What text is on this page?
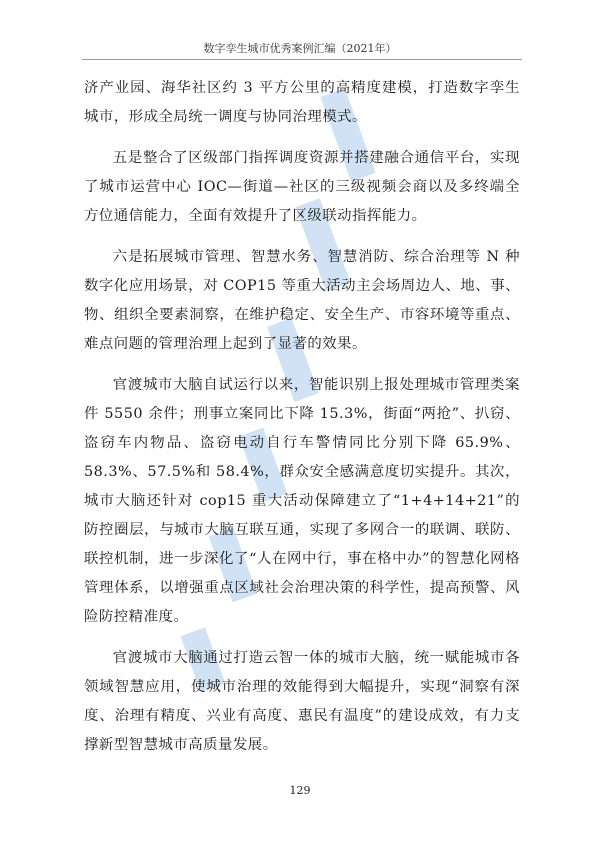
数字孪生城市优秀案例汇编（2021年）

济产业园、海华社区约 3 平方公里的高精度建模，打造数字孪生城市，形成全局统一调度与协同治理模式。

五是整合了区级部门指挥调度资源并搭建融合通信平台，实现了城市运营中心 IOC—街道—社区的三级视频会商以及多终端全方位通信能力，全面有效提升了区级联动指挥能力。

六是拓展城市管理、智慧水务、智慧消防、综合治理等 N 种数字化应用场景，对 COP15 等重大活动主会场周边人、地、事、物、组织全要素洞察，在维护稳定、安全生产、市容环境等重点、难点问题的管理治理上起到了显著的效果。

官渡城市大脑自试运行以来，智能识别上报处理城市管理类案件 5550 余件；刑事立案同比下降 15.3%，街面“两抢”、扒窃、盗窃车内物品、盗窃电动自行车警情同比分别下降 65.9%、58.3%、57.5%和 58.4%，群众安全感满意度切实提升。其次，城市大脑还针对 cop15 重大活动保障建立了“1+4+14+21”的防控圈层，与城市大脑互联互通，实现了多网合一的联调、联防、联控机制，进一步深化了“人在网中行，事在格中办”的智慧化网格管理体系，以增强重点区域社会治理决策的科学性，提高预警、风险防控精准度。

官渡城市大脑通过打造云智一体的城市大脑，统一赋能城市各领域智慧应用，使城市治理的效能得到大幅提升，实现“洞察有深度、治理有精度、兴业有高度、惠民有温度”的建设成效，有力支撑新型智慧城市高质量发展。

129
